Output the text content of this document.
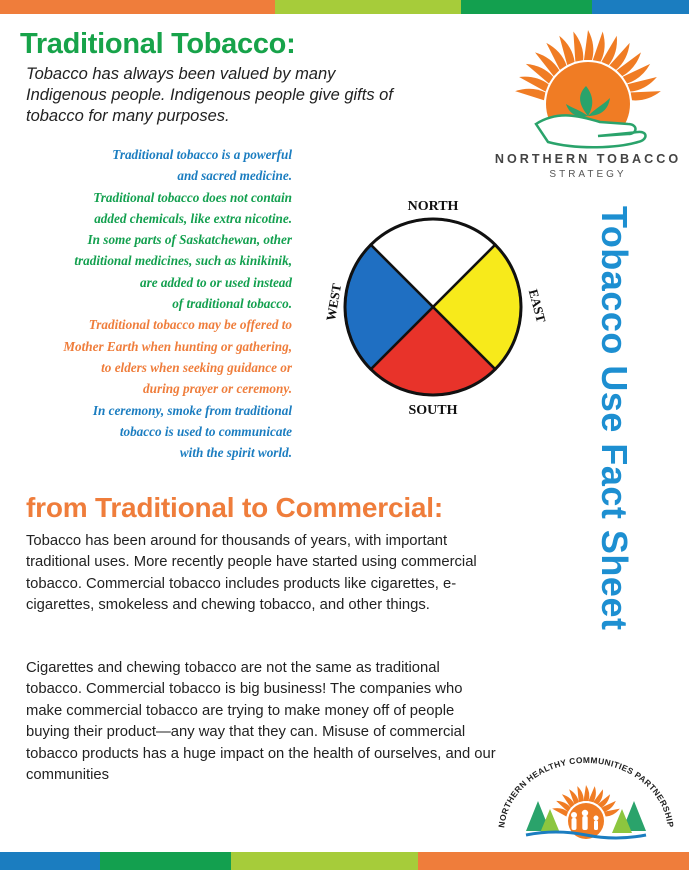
Traditional Tobacco:
Tobacco has always been valued by many Indigenous people. Indigenous people give gifts of tobacco for many purposes.
Traditional tobacco is a powerful
and sacred medicine.
Traditional tobacco does not contain
added chemicals, like extra nicotine.
In some parts of Saskatchewan, other
traditional medicines, such as kinikinik,
are added to or used instead
of traditional tobacco.
Traditional tobacco may be offered to
Mother Earth when hunting or gathering,
to elders when seeking guidance or
during prayer or ceremony.
In ceremony, smoke from traditional
tobacco is used to communicate
with the spirit world.
NORTH
SOUTH
EAST
WEST
NORTHERN TOBACCO
STRATEGY
Tobacco Use Fact Sheet
from Traditional to Commercial:

Tobacco has been around for thousands of years, with important traditional uses. More recently people have started using commercial tobacco. Commercial tobacco includes products like cigarettes, e-cigarettes, smokeless and chewing tobacco, and other things.

Cigarettes and chewing tobacco are not the same as traditional tobacco. Commercial tobacco is big business! The companies who make commercial tobacco are trying to make money off of people buying their product—any way that they can. Misuse of commercial tobacco products has a huge impact on the health of ourselves, and our communities

NORTHERN HEALTHY COMMUNITIES PARTNERSHIP
